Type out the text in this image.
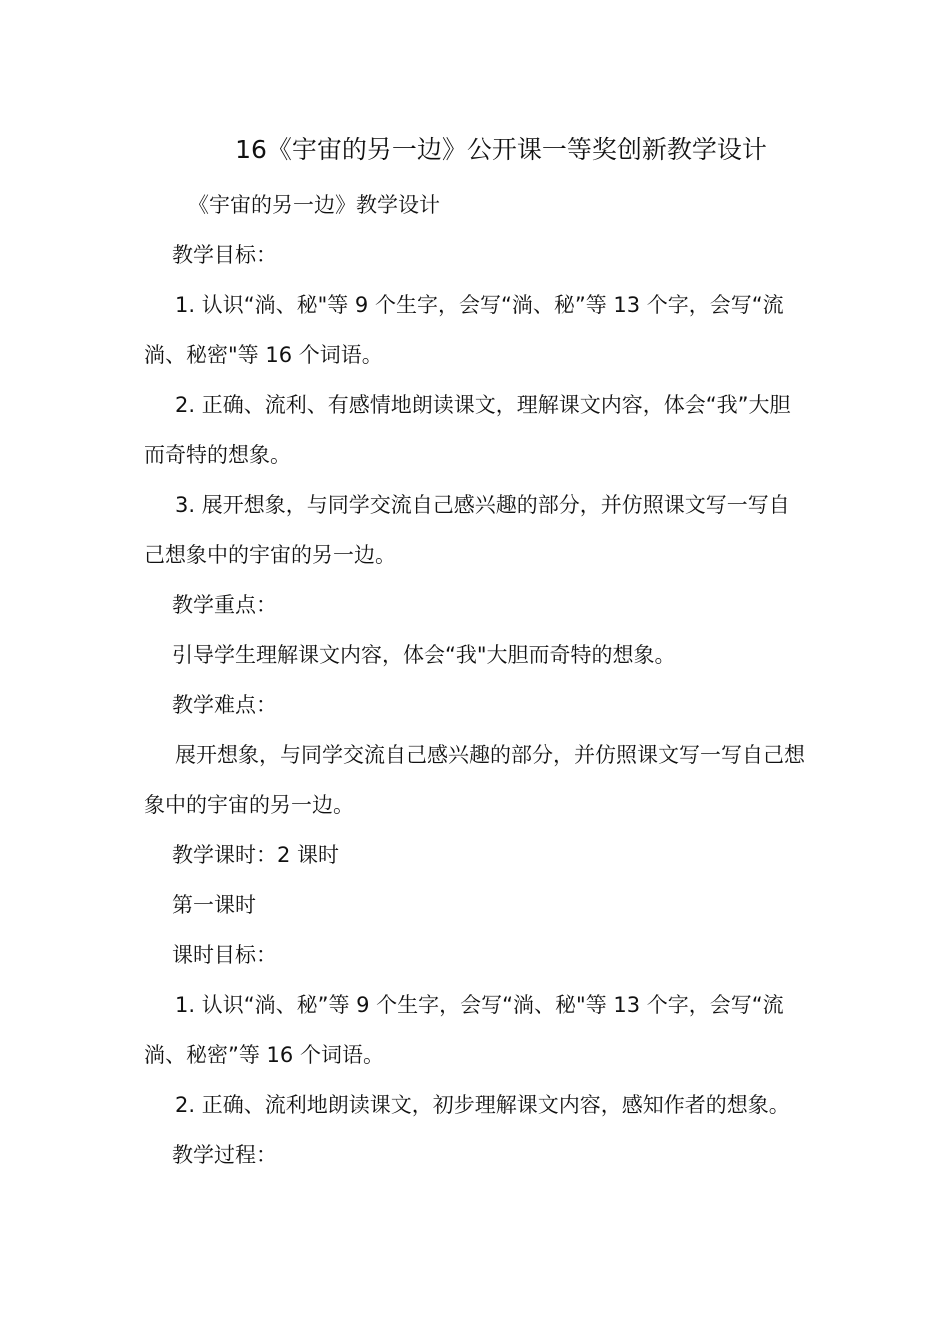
16《宇宙的另一边》公开课一等奖创新教学设计

《宇宙的另一边》教学设计

教学目标：

1. 认识“淌、秘"等 9 个生字，会写“淌、秘”等 13 个字，会写“流淌、秘密"等 16 个词语。

2. 正确、流利、有感情地朗读课文，理解课文内容，体会“我”大胆而奇特的想象。

3. 展开想象，与同学交流自己感兴趣的部分，并仿照课文写一写自己想象中的宇宙的另一边。

教学重点：

引导学生理解课文内容，体会“我"大胆而奇特的想象。

教学难点：

展开想象，与同学交流自己感兴趣的部分，并仿照课文写一写自己想象中的宇宙的另一边。

教学课时：2 课时

第一课时

课时目标：

1. 认识“淌、秘”等 9 个生字，会写“淌、秘"等 13 个字，会写“流淌、秘密”等 16 个词语。

2. 正确、流利地朗读课文，初步理解课文内容，感知作者的想象。

教学过程：
